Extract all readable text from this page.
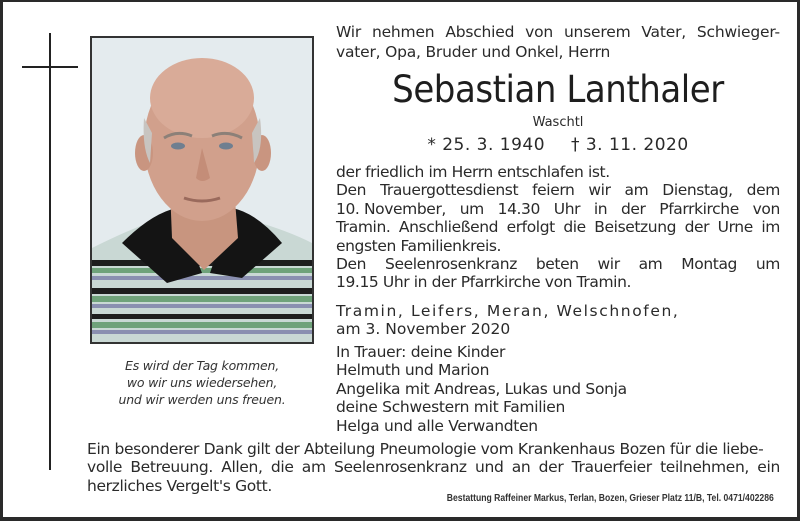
Es wird der Tag kommen,
wo wir uns wiedersehen,
und wir werden uns freuen.
Wir nehmen Abschied von unserem Vater, Schwieger-
vater, Opa, Bruder und Onkel, Herrn
Sebastian Lanthaler
Waschtl
* 25. 3. 1940 † 3. 11. 2020
der friedlich im Herrn entschlafen ist.
Den Trauergottesdienst feiern wir am Dienstag, dem
10. November, um 14.30 Uhr in der Pfarrkirche von
Tramin. Anschließend erfolgt die Beisetzung der Urne im
engsten Familienkreis.
Den Seelenrosenkranz beten wir am Montag um
19.15 Uhr in der Pfarrkirche von Tramin.
Tramin, Leifers, Meran, Welschnofen,
am 3. November 2020
In Trauer: deine Kinder
Helmuth und Marion
Angelika mit Andreas, Lukas und Sonja
deine Schwestern mit Familien
Helga und alle Verwandten
Ein besonderer Dank gilt der Abteilung Pneumologie vom Krankenhaus Bozen für die liebe-
volle Betreuung. Allen, die am Seelenrosenkranz und an der Trauerfeier teilnehmen, ein
herzliches Vergelt's Gott.
Bestattung Raffeiner Markus, Terlan, Bozen, Grieser Platz 11/B, Tel. 0471/402286
